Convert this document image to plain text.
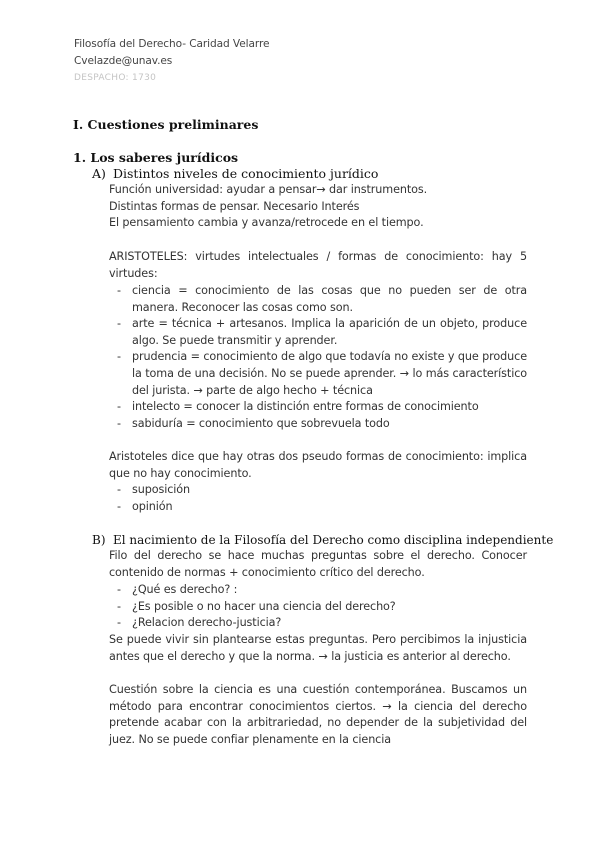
Filosofía del Derecho- Caridad Velarre
Cvelazde@unav.es
DESPACHO: 1730
I. Cuestiones preliminares
1. Los saberes jurídicos
A) Distintos niveles de conocimiento jurídico
Función universidad: ayudar a pensar→ dar instrumentos.
Distintas formas de pensar. Necesario Interés
El pensamiento cambia y avanza/retrocede en el tiempo.
ARISTOTELES: virtudes intelectuales / formas de conocimiento: hay 5 virtudes:
- ciencia = conocimiento de las cosas que no pueden ser de otra manera. Reconocer las cosas como son.
- arte = técnica + artesanos. Implica la aparición de un objeto, produce algo. Se puede transmitir y aprender.
- prudencia = conocimiento de algo que todavía no existe y que produce la toma de una decisión. No se puede aprender. → lo más característico del jurista. → parte de algo hecho + técnica
- intelecto = conocer la distinción entre formas de conocimiento
- sabiduría = conocimiento que sobrevuela todo
Aristoteles dice que hay otras dos pseudo formas de conocimiento: implica que no hay conocimiento.
- suposición
- opinión
B) El nacimiento de la Filosofía del Derecho como disciplina independiente
Filo del derecho se hace muchas preguntas sobre el derecho. Conocer contenido de normas + conocimiento crítico del derecho.
- ¿Qué es derecho? :
- ¿Es posible o no hacer una ciencia del derecho?
- ¿Relacion derecho-justicia?
Se puede vivir sin plantearse estas preguntas. Pero percibimos la injusticia antes que el derecho y que la norma. → la justicia es anterior al derecho.
Cuestión sobre la ciencia es una cuestión contemporánea. Buscamos un método para encontrar conocimientos ciertos. → la ciencia del derecho pretende acabar con la arbitrariedad, no depender de la subjetividad del juez. No se puede confiar plenamente en la ciencia
